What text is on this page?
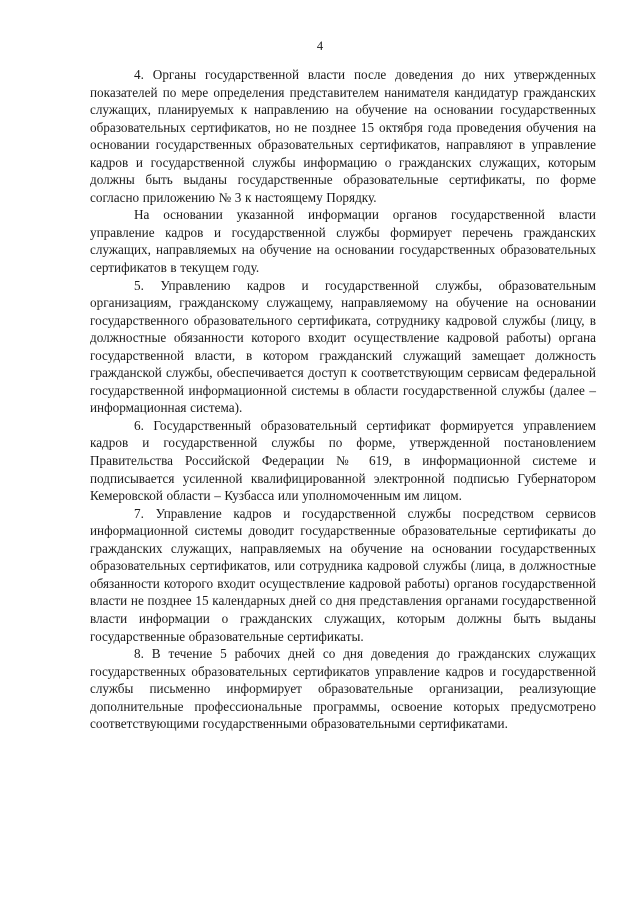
4

4. Органы государственной власти после доведения до них утвержденных показателей по мере определения представителем нанимателя кандидатур гражданских служащих, планируемых к направлению на обучение на основании государственных образовательных сертификатов, но не позднее 15 октября года проведения обучения на основании государственных образовательных сертификатов, направляют в управление кадров и государственной службы информацию о гражданских служащих, которым должны быть выданы государственные образовательные сертификаты, по форме согласно приложению № 3 к настоящему Порядку.

На основании указанной информации органов государственной власти управление кадров и государственной службы формирует перечень гражданских служащих, направляемых на обучение на основании государственных образовательных сертификатов в текущем году.

5. Управлению кадров и государственной службы, образовательным организациям, гражданскому служащему, направляемому на обучение на основании государственного образовательного сертификата, сотруднику кадровой службы (лицу, в должностные обязанности которого входит осуществление кадровой работы) органа государственной власти, в котором гражданский служащий замещает должность гражданской службы, обеспечивается доступ к соответствующим сервисам федеральной государственной информационной системы в области государственной службы (далее – информационная система).

6. Государственный образовательный сертификат формируется управлением кадров и государственной службы по форме, утвержденной постановлением Правительства Российской Федерации № 619, в информационной системе и подписывается усиленной квалифицированной электронной подписью Губернатором Кемеровской области – Кузбасса или уполномоченным им лицом.

7. Управление кадров и государственной службы посредством сервисов информационной системы доводит государственные образовательные сертификаты до гражданских служащих, направляемых на обучение на основании государственных образовательных сертификатов, или сотрудника кадровой службы (лица, в должностные обязанности которого входит осуществление кадровой работы) органов государственной власти не позднее 15 календарных дней со дня представления органами государственной власти информации о гражданских служащих, которым должны быть выданы государственные образовательные сертификаты.

8. В течение 5 рабочих дней со дня доведения до гражданских служащих государственных образовательных сертификатов управление кадров и государственной службы письменно информирует образовательные организации, реализующие дополнительные профессиональные программы, освоение которых предусмотрено соответствующими государственными образовательными сертификатами.
